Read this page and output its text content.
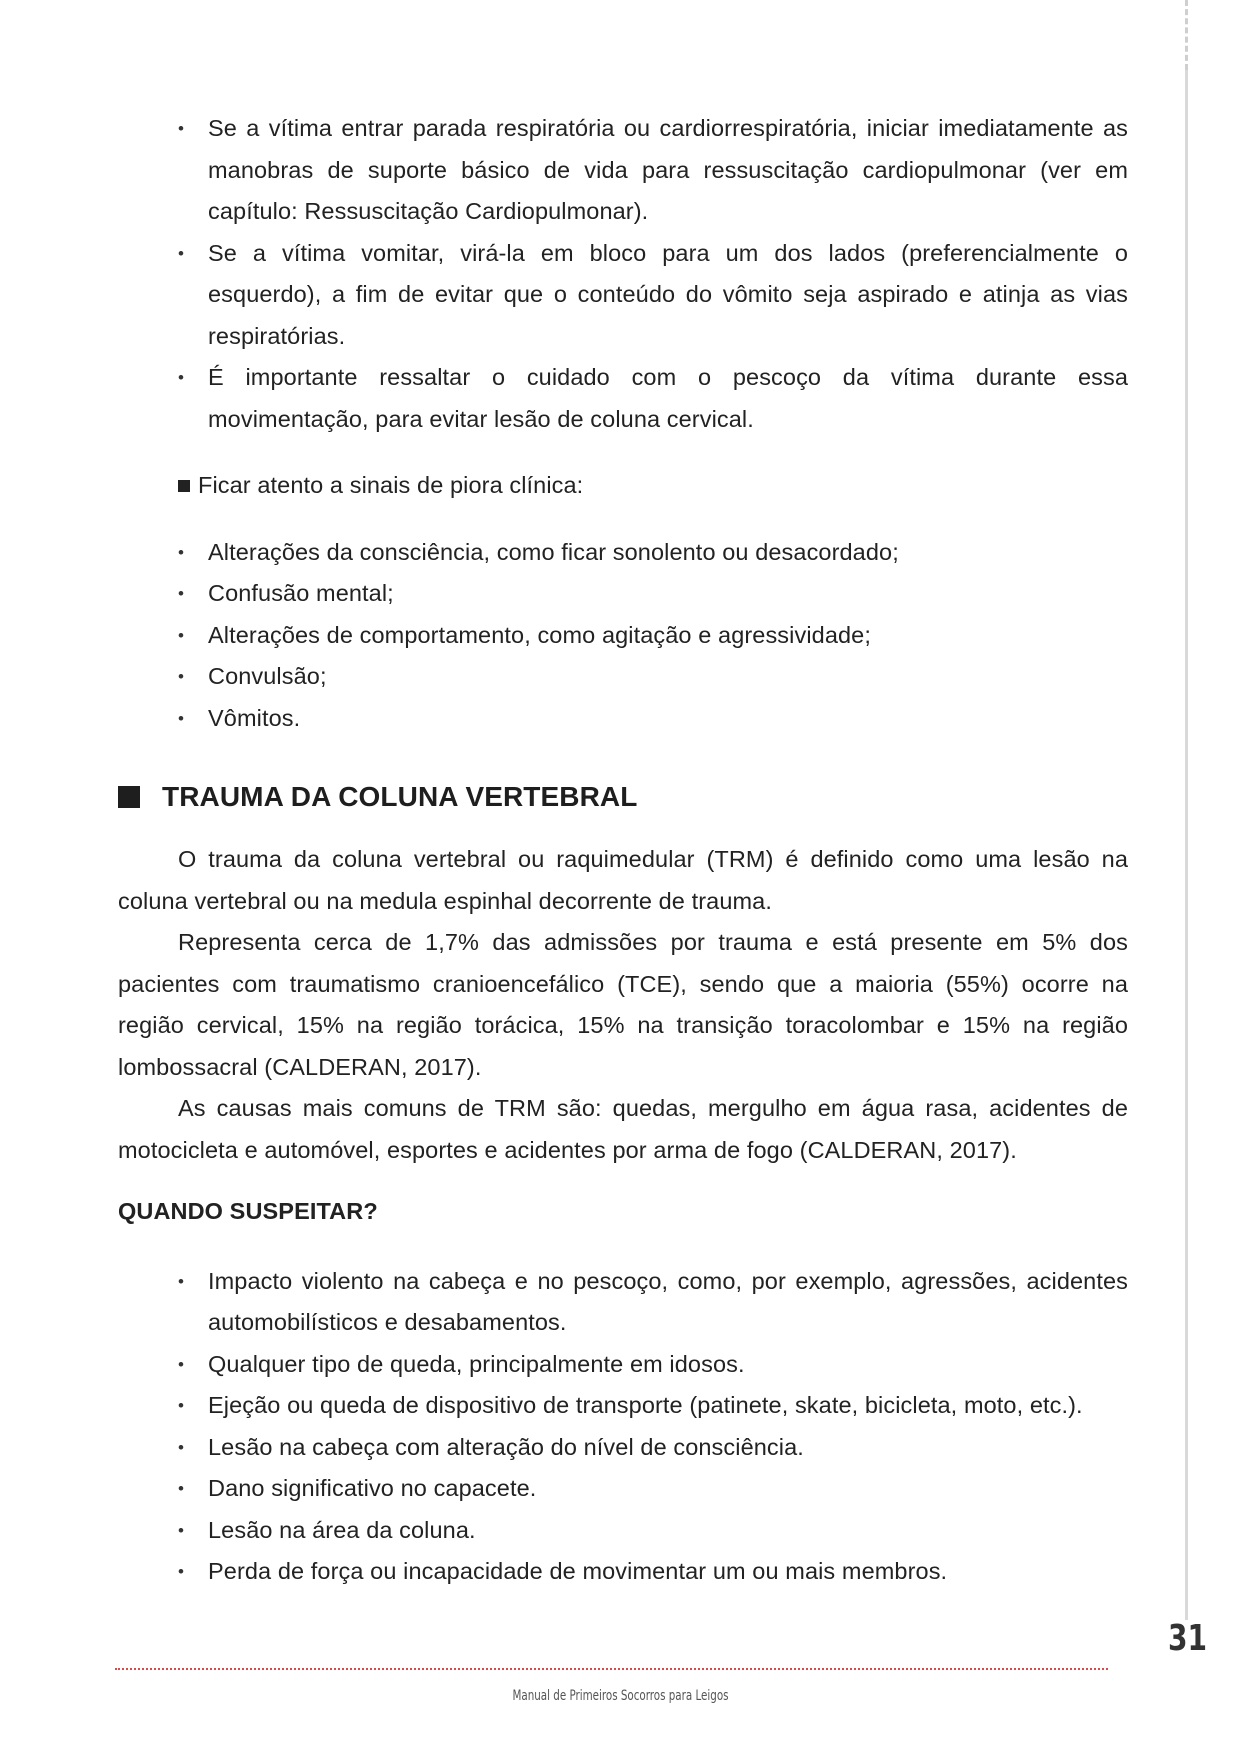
• Se a vítima entrar parada respiratória ou cardiorrespiratória, iniciar imediatamente as manobras de suporte básico de vida para ressuscitação cardiopulmonar (ver em capítulo: Ressuscitação Cardiopulmonar).
• Se a vítima vomitar, virá-la em bloco para um dos lados (preferencialmente o esquerdo), a fim de evitar que o conteúdo do vômito seja aspirado e atinja as vias respiratórias.
• É importante ressaltar o cuidado com o pescoço da vítima durante essa movimentação, para evitar lesão de coluna cervical.
Ficar atento a sinais de piora clínica:
• Alterações da consciência, como ficar sonolento ou desacordado;
• Confusão mental;
• Alterações de comportamento, como agitação e agressividade;
• Convulsão;
• Vômitos.
TRAUMA DA COLUNA VERTEBRAL

O trauma da coluna vertebral ou raquimedular (TRM) é definido como uma lesão na coluna vertebral ou na medula espinhal decorrente de trauma.

Representa cerca de 1,7% das admissões por trauma e está presente em 5% dos pacientes com traumatismo cranioencefálico (TCE), sendo que a maioria (55%) ocorre na região cervical, 15% na região torácica, 15% na transição toracolombar e 15% na região lombossacral (CALDERAN, 2017).

As causas mais comuns de TRM são: quedas, mergulho em água rasa, acidentes de motocicleta e automóvel, esportes e acidentes por arma de fogo (CALDERAN, 2017).

QUANDO SUSPEITAR?
• Impacto violento na cabeça e no pescoço, como, por exemplo, agressões, acidentes automobilísticos e desabamentos.
• Qualquer tipo de queda, principalmente em idosos.
• Ejeção ou queda de dispositivo de transporte (patinete, skate, bicicleta, moto, etc.).
• Lesão na cabeça com alteração do nível de consciência.
• Dano significativo no capacete.
• Lesão na área da coluna.
• Perda de força ou incapacidade de movimentar um ou mais membros.
31
Manual de Primeiros Socorros para Leigos
